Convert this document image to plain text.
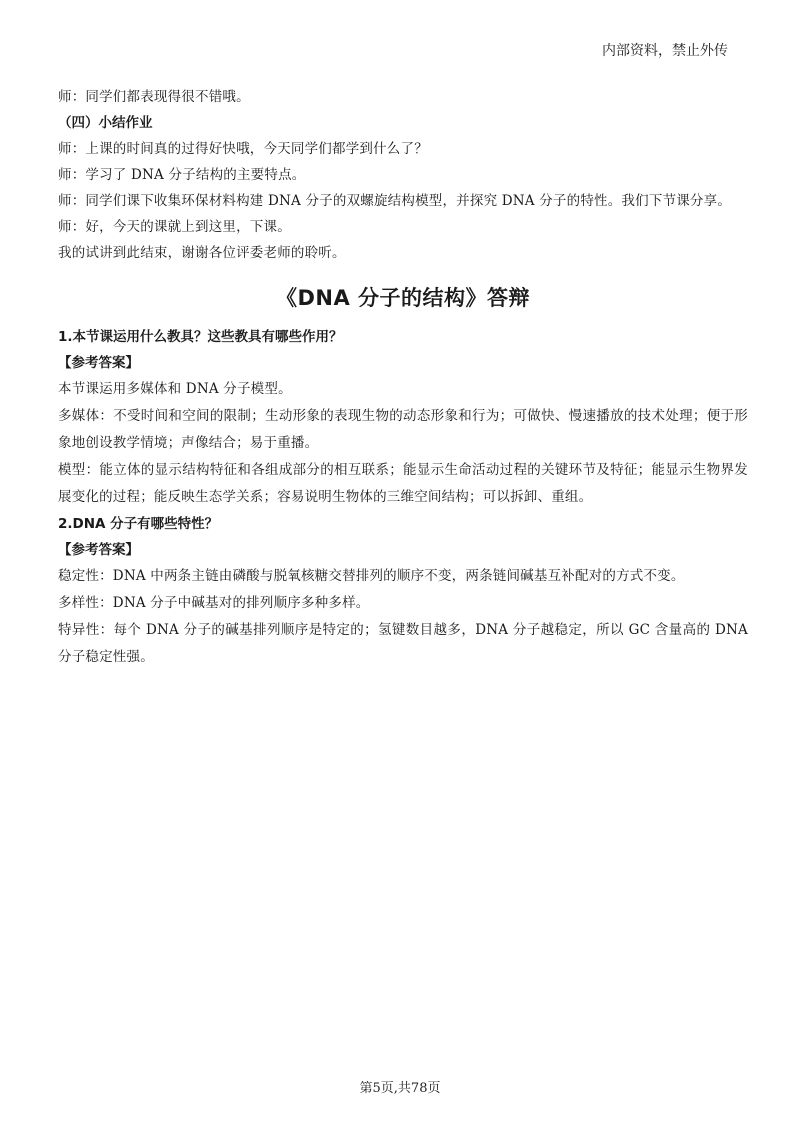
内部资料，禁止外传

师：同学们都表现得很不错哦。

（四）小结作业

师：上课的时间真的过得好快哦，今天同学们都学到什么了？

师：学习了 DNA 分子结构的主要特点。

师：同学们课下收集环保材料构建 DNA 分子的双螺旋结构模型，并探究 DNA 分子的特性。我们下节课分享。

师：好，今天的课就上到这里，下课。

我的试讲到此结束，谢谢各位评委老师的聆听。

《DNA 分子的结构》答辩

1.本节课运用什么教具？这些教具有哪些作用？

【参考答案】

本节课运用多媒体和 DNA 分子模型。

多媒体：不受时间和空间的限制；生动形象的表现生物的动态形象和行为；可做快、慢速播放的技术处理；便于形象地创设教学情境；声像结合；易于重播。

模型：能立体的显示结构特征和各组成部分的相互联系；能显示生命活动过程的关键环节及特征；能显示生物界发展变化的过程；能反映生态学关系；容易说明生物体的三维空间结构；可以拆卸、重组。

2.DNA 分子有哪些特性？

【参考答案】

稳定性：DNA 中两条主链由磷酸与脱氧核糖交替排列的顺序不变，两条链间碱基互补配对的方式不变。

多样性：DNA 分子中碱基对的排列顺序多种多样。

特异性：每个 DNA 分子的碱基排列顺序是特定的；氢键数目越多，DNA 分子越稳定，所以 GC 含量高的 DNA 分子稳定性强。

第5页,共78页
